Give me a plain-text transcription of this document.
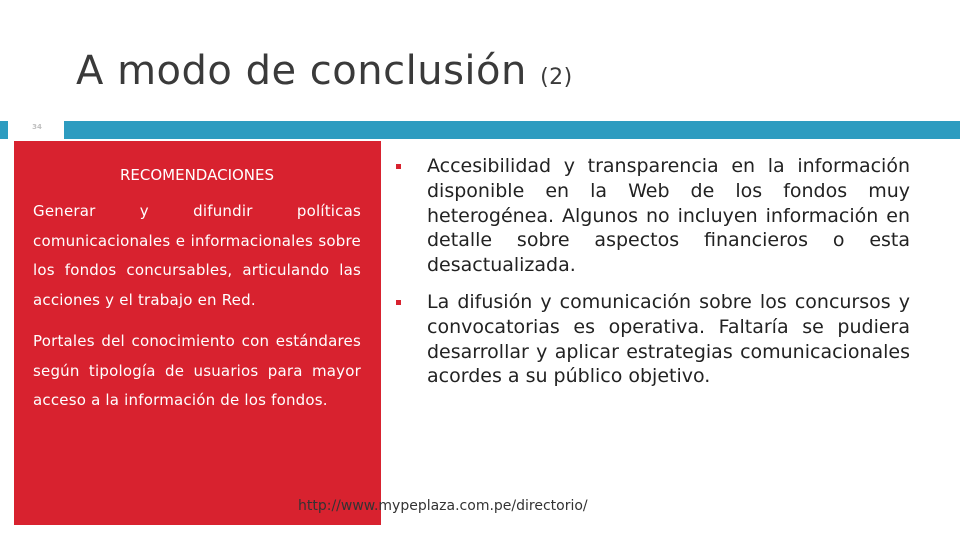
A modo de conclusión (2)
34
RECOMENDACIONES

Generar y difundir políticas comunicacionales e informacionales sobre los fondos concursables, articulando las acciones y el trabajo en Red.

Portales del conocimiento con estándares según tipología de usuarios para mayor acceso a la información de los fondos.

Accesibilidad y transparencia en la información disponible en la Web de los fondos muy heterogénea. Algunos no incluyen información en detalle sobre aspectos financieros o esta desactualizada.
La difusión y comunicación sobre los concursos y convocatorias es operativa. Faltaría se pudiera desarrollar y aplicar estrategias comunicacionales acordes a su público objetivo.
http://www.mypeplaza.com.pe/directorio/
